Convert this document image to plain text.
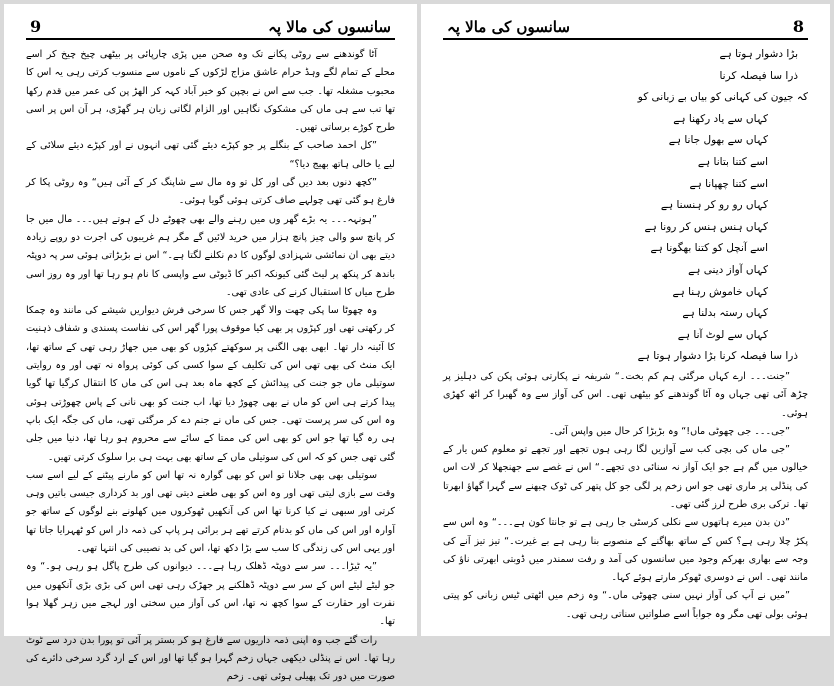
9	سانسوں کی مالا پہ

آٹا گوندھنے سے روٹی پکانے تک وہ صحن میں پڑی چارپائی پر بیٹھی چیخ چیخ کر اسے محلے کے تمام لگے وہڈ حرام عاشق مزاج لڑکوں کے ناموں سے منسوب کرتی رہی یہ اس کا محبوب مشغلہ تھا۔ جب سے اس نے بچپن کو خیر آباد کہہ کر الھڑ پن کی عمر میں قدم رکھا تھا تب سے ہی ماں کی مشکوک نگاہیں اور الزام لگاتی زبان ہر گھڑی، ہر آن اس پر اسی طرح کوڑے برساتی تھیں۔

”کل احمد صاحب کے بنگلے پر جو کپڑے دیئے گئی تھی انہوں نے اور کپڑے دیئے سلائی کے لیے یا خالی ہاتھ بھیج دیا؟“

”کچھ دنوں بعد دیں گی اور کل تو وہ مال سے شاپنگ کر کے آئی ہیں“ وہ روٹی پکا کر فارغ ہو گئی تھی چولہے صاف کرتی ہوئی گویا ہوئی۔

”ہونہہ۔۔۔ یہ بڑے گھر وں میں رہنے والے بھی چھوٹے دل کے ہوتے ہیں۔۔۔ مال میں جا کر پانچ سو والی چیز پانچ ہزار میں خرید لائیں گے مگر ہم غریبوں کی اجرت دو روپے زیادہ دیتے بھی ان نمائشی شہزادی لوگوں کا دم نکلنے لگتا ہے۔“ اس نے بڑبڑاتی ہوئی سر پہ دوپٹہ باندھ کر پنکھ پر لیٹ گئی کیونکہ اکبر کا ڈیوٹی سے واپسی کا نام ہو رہا تھا اور وہ روز اسی طرح میاں کا استقبال کرنے کی عادی تھی۔

وہ چھوٹا سا پکی چھت والا گھر جس کا سرخی فرش دیواریں شیشے کی مانند وہ چمکا کر رکھتی تھی اور کپڑوں پر بھی کیا موقوف پورا گھر اس کی نفاست پسندی و شفاف ذہنیت کا آئینہ دار تھا۔ ابھی بھی الگنی پر سوکھتے کپڑوں کو بھی میں جھاڑ رہی تھی کے ساتھ تھا، ایک منٹ کی بھی تھی اس کی تکلیف کے سوا کسی کی کوئی پرواہ نہ تھی اور وہ روایتی سوتیلی ماں جو جنت کی پیدائش کے کچھ ماہ بعد ہی اس کی ماں کا انتقال کرگیا تھا گویا پیدا کرتے ہی اس کو ماں نے بھی چھوڑ دیا تھا، اب جنت کو بھی نانی کے پاس چھوڑتی ہوئی وہ اس کی سر پرست تھی۔ جس کی ماں نے جنم دے کر مرگئی تھی، ماں کی جگہ ایک باپ ہی رہ گیا تھا جو اس کو بھی اس کی ممتا کے سائے سے محروم ہو رہا تھا، دنیا میں جلی گئی تھی جس کو کہ اس کی سوتیلی ماں کے ساتھ بھی بہت ہی برا سلوک کرتی تھیں۔

سوتیلی بھی بھی جلانا تو اس کو بھی گوارہ نہ تھا اس کو مارنے پیٹنے کے لیے اسے سب وقت سے بازی لیتی تھی اور وہ اس کو بھی طعنے دیتی تھی اور بد کرداری جیسی باتیں وہی کرتی اور سبھی نے کیا کرنا تھا اس کی آنکھیں ٹھوکروں میں کھلونے بنے لوگوں کے ساتھ جو آوارہ اور اس کی ماں کو بدنام کرتے تھے ہر برائی ہر پاپ کی ذمہ دار اس کو ٹھہرایا جاتا تھا اور یہی اس کی زندگی کا سب سے بڑا دکھ تھا، اس کی بد نصیبی کی انتہا تھی۔

”یہ ٹیڑا۔۔۔ سر سے دوپٹہ ڈھلک رہا ہے۔۔۔ دیوانوں کی طرح پاگل ہو رہی ہو۔“ وہ جو لیٹے لیٹے اس کے سر سے دوپٹہ ڈھلکنے پر جھڑک رہی تھی اس کی بڑی بڑی آنکھوں میں نفرت اور حقارت کے سوا کچھ نہ تھا، اس کی آواز میں سختی اور لہجے میں زہر گھلا ہوا تھا۔

رات گئے جب وہ اپنی ذمہ داریوں سے فارغ ہو کر بستر پر آئی تو پورا بدن درد سے ٹوٹ رہا تھا۔ اس نے پنڈلی دیکھی جہاں زخم گہرا ہو گیا تھا اور اس کے ارد گرد سرخی دائرے کی صورت میں دور تک پھیلی ہوئی تھی۔ زخم

سانسوں کی مالا پہ	8
بڑا دشوار ہوتا ہے
ذرا سا فیصلہ کرنا
کہ جیون کی کہانی کو بیاں بے زبانی کو
کہاں سے یاد رکھنا ہے
کہاں سے بھول جانا ہے
اسے کتنا بتانا ہے
اسے کتنا چھپانا ہے
کہاں رو رو کر ہنسنا ہے
کہاں ہنس ہنس کر رونا ہے
اسے آنچل کو کتنا بھگونا ہے
کہاں آواز دینی ہے
کہاں خاموش رہنا ہے
کہاں رستہ بدلنا ہے
کہاں سے لوٹ آنا ہے
ذرا سا فیصلہ کرنا بڑا دشوار ہوتا ہے

”جنت۔۔۔ ارے کہاں مرگئی ہم کم بخت۔“ شریفہ نے پکارتی ہوئی پکن کی دہلیز پر چڑھ آئی تھی جہاں وہ آٹا گوندھنے کو بیٹھی تھی۔ اس کی آواز سے وہ گھبرا کر اٹھ کھڑی ہوئی۔

”جی۔۔۔ جی چھوٹی ماں!“ وہ بڑبڑا کر حال میں واپس آئی۔

”جی ماں کی بچی کب سے آوازیں لگا رہی ہوں تجھے اور تجھے تو معلوم کس یار کے خیالوں میں گم ہے جو ایک آواز نہ سنائی دی تجھے۔“ اس نے غصے سے جھنجھلا کر لات اس کی پنڈلی پر ماری تھی جو اس زخم پر لگی جو کل پتھر کی ٹوک چبھنے سے گہرا گھاؤ ابھرتا تھا۔ ترکی بری طرح لرز گئی تھی۔

”دن بدن میرے ہاتھوں سے نکلی کرسٹی جا رہی ہے تو جانتا کون ہے۔۔۔“ وہ اس سے پکڑ چلا رہی ہے؟ کس کے ساتھ بھاگنے کے منصوبے بنا رہی ہے بے غیرت۔“ تیز تیز آنے کی وجہ سے بھاری بھرکم وجود میں سانسوں کی آمد و رفت سمندر میں ڈوبتی ابھرتی ناؤ کی مانند تھی۔ اس نے دوسری ٹھوکر مارتے ہوئے کہا۔

”میں نے آپ کی آواز نہیں سنی چھوٹی ماں۔“ وہ زخم میں اٹھتی ٹیس زبانی کو پیتی ہوئی بولی تھی مگر وہ جواباً اسے صلواتیں سناتی رہی تھی۔
